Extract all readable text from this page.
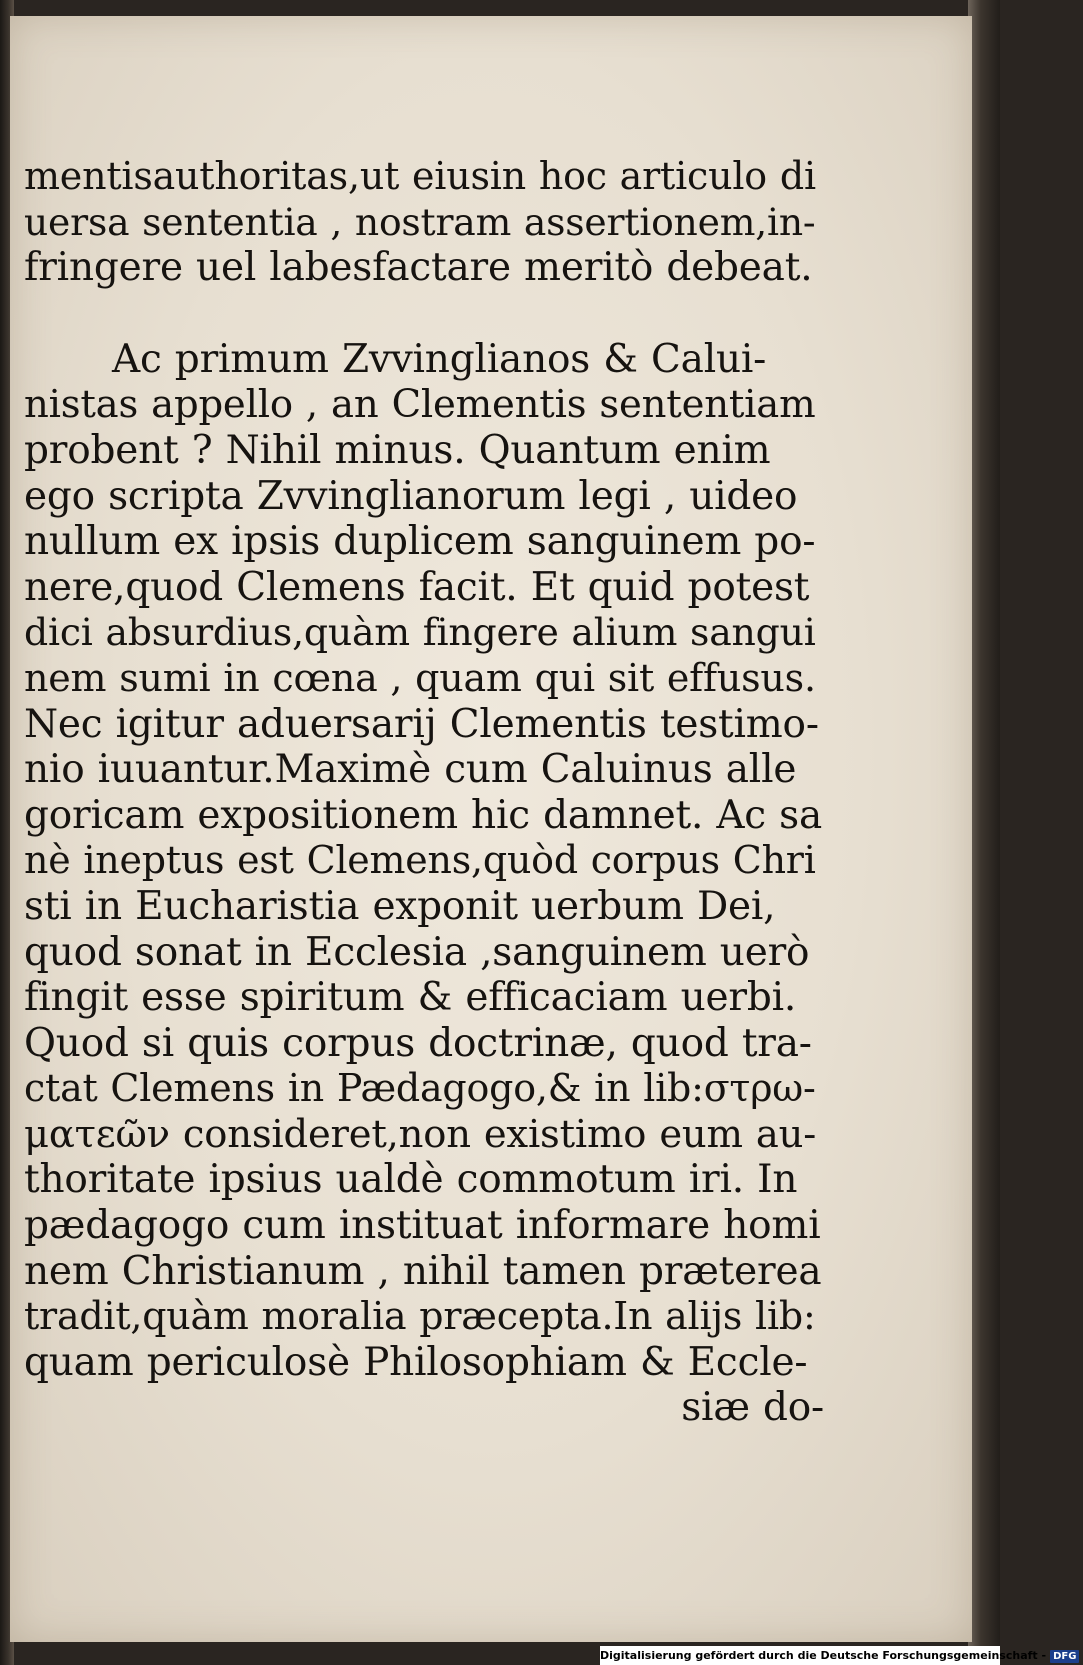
mentisauthoritas,ut eiusin hoc articulo di
uersa sententia , nostram assertionem,in-
fringere uel labesfactare meritò debeat.
Ac primum Zvvinglianos & Calui-
nistas appello , an Clementis sententiam
probent ? Nihil minus. Quantum enim
ego scripta Zvvinglianorum legi , uideo
nullum ex ipsis duplicem sanguinem po-
nere,quod Clemens facit. Et quid potest
dici absurdius,quàm fingere alium sangui
nem sumi in cœna , quam qui sit effusus.
Nec igitur aduersarij Clementis testimo-
nio iuuantur.Maximè cum Caluinus alle
goricam expositionem hic damnet. Ac sa
nè ineptus est Clemens,quòd corpus Chri
sti in Eucharistia exponit uerbum Dei,
quod sonat in Ecclesia ,sanguinem uerò
fingit esse spiritum & efficaciam uerbi.
Quod si quis corpus doctrinæ, quod tra-
ctat Clemens in Pædagogo,& in lib:στρω-
ματεῶν consideret,non existimo eum au-
thoritate ipsius ualdè commotum iri. In
pædagogo cum instituat informare homi
nem Christianum , nihil tamen præterea
tradit,quàm moralia præcepta.In alijs lib:
quam periculosè Philosophiam & Eccle-
siæ do-
Digitalisierung gefördert durch die Deutsche Forschungsgemeinschaft - DFG
